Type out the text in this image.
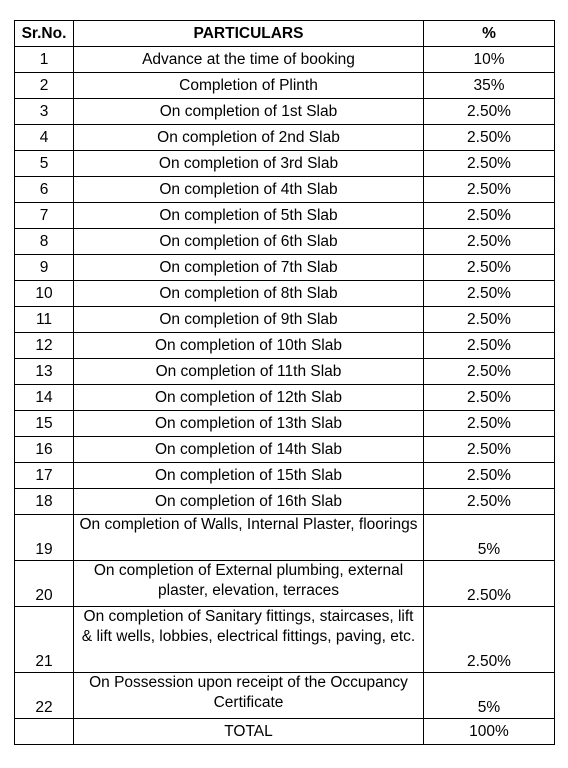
Sr.No.	PARTICULARS	%
1	Advance at the time of booking	10%
2	Completion of Plinth	35%
3	On completion of 1st Slab	2.50%
4	On completion of 2nd Slab	2.50%
5	On completion of 3rd Slab	2.50%
6	On completion of 4th Slab	2.50%
7	On completion of 5th Slab	2.50%
8	On completion of 6th Slab	2.50%
9	On completion of 7th Slab	2.50%
10	On completion of 8th Slab	2.50%
11	On completion of 9th Slab	2.50%
12	On completion of 10th Slab	2.50%
13	On completion of 11th Slab	2.50%
14	On completion of 12th Slab	2.50%
15	On completion of 13th Slab	2.50%
16	On completion of 14th Slab	2.50%
17	On completion of 15th Slab	2.50%
18	On completion of 16th Slab	2.50%
19	On completion of Walls, Internal Plaster, floorings	5%
20	On completion of External plumbing, external plaster, elevation, terraces	2.50%
21	On completion of Sanitary fittings, staircases, lift & lift wells, lobbies, electrical fittings, paving, etc.	2.50%
22	On Possession upon receipt of the Occupancy Certificate	5%
	TOTAL	100%
